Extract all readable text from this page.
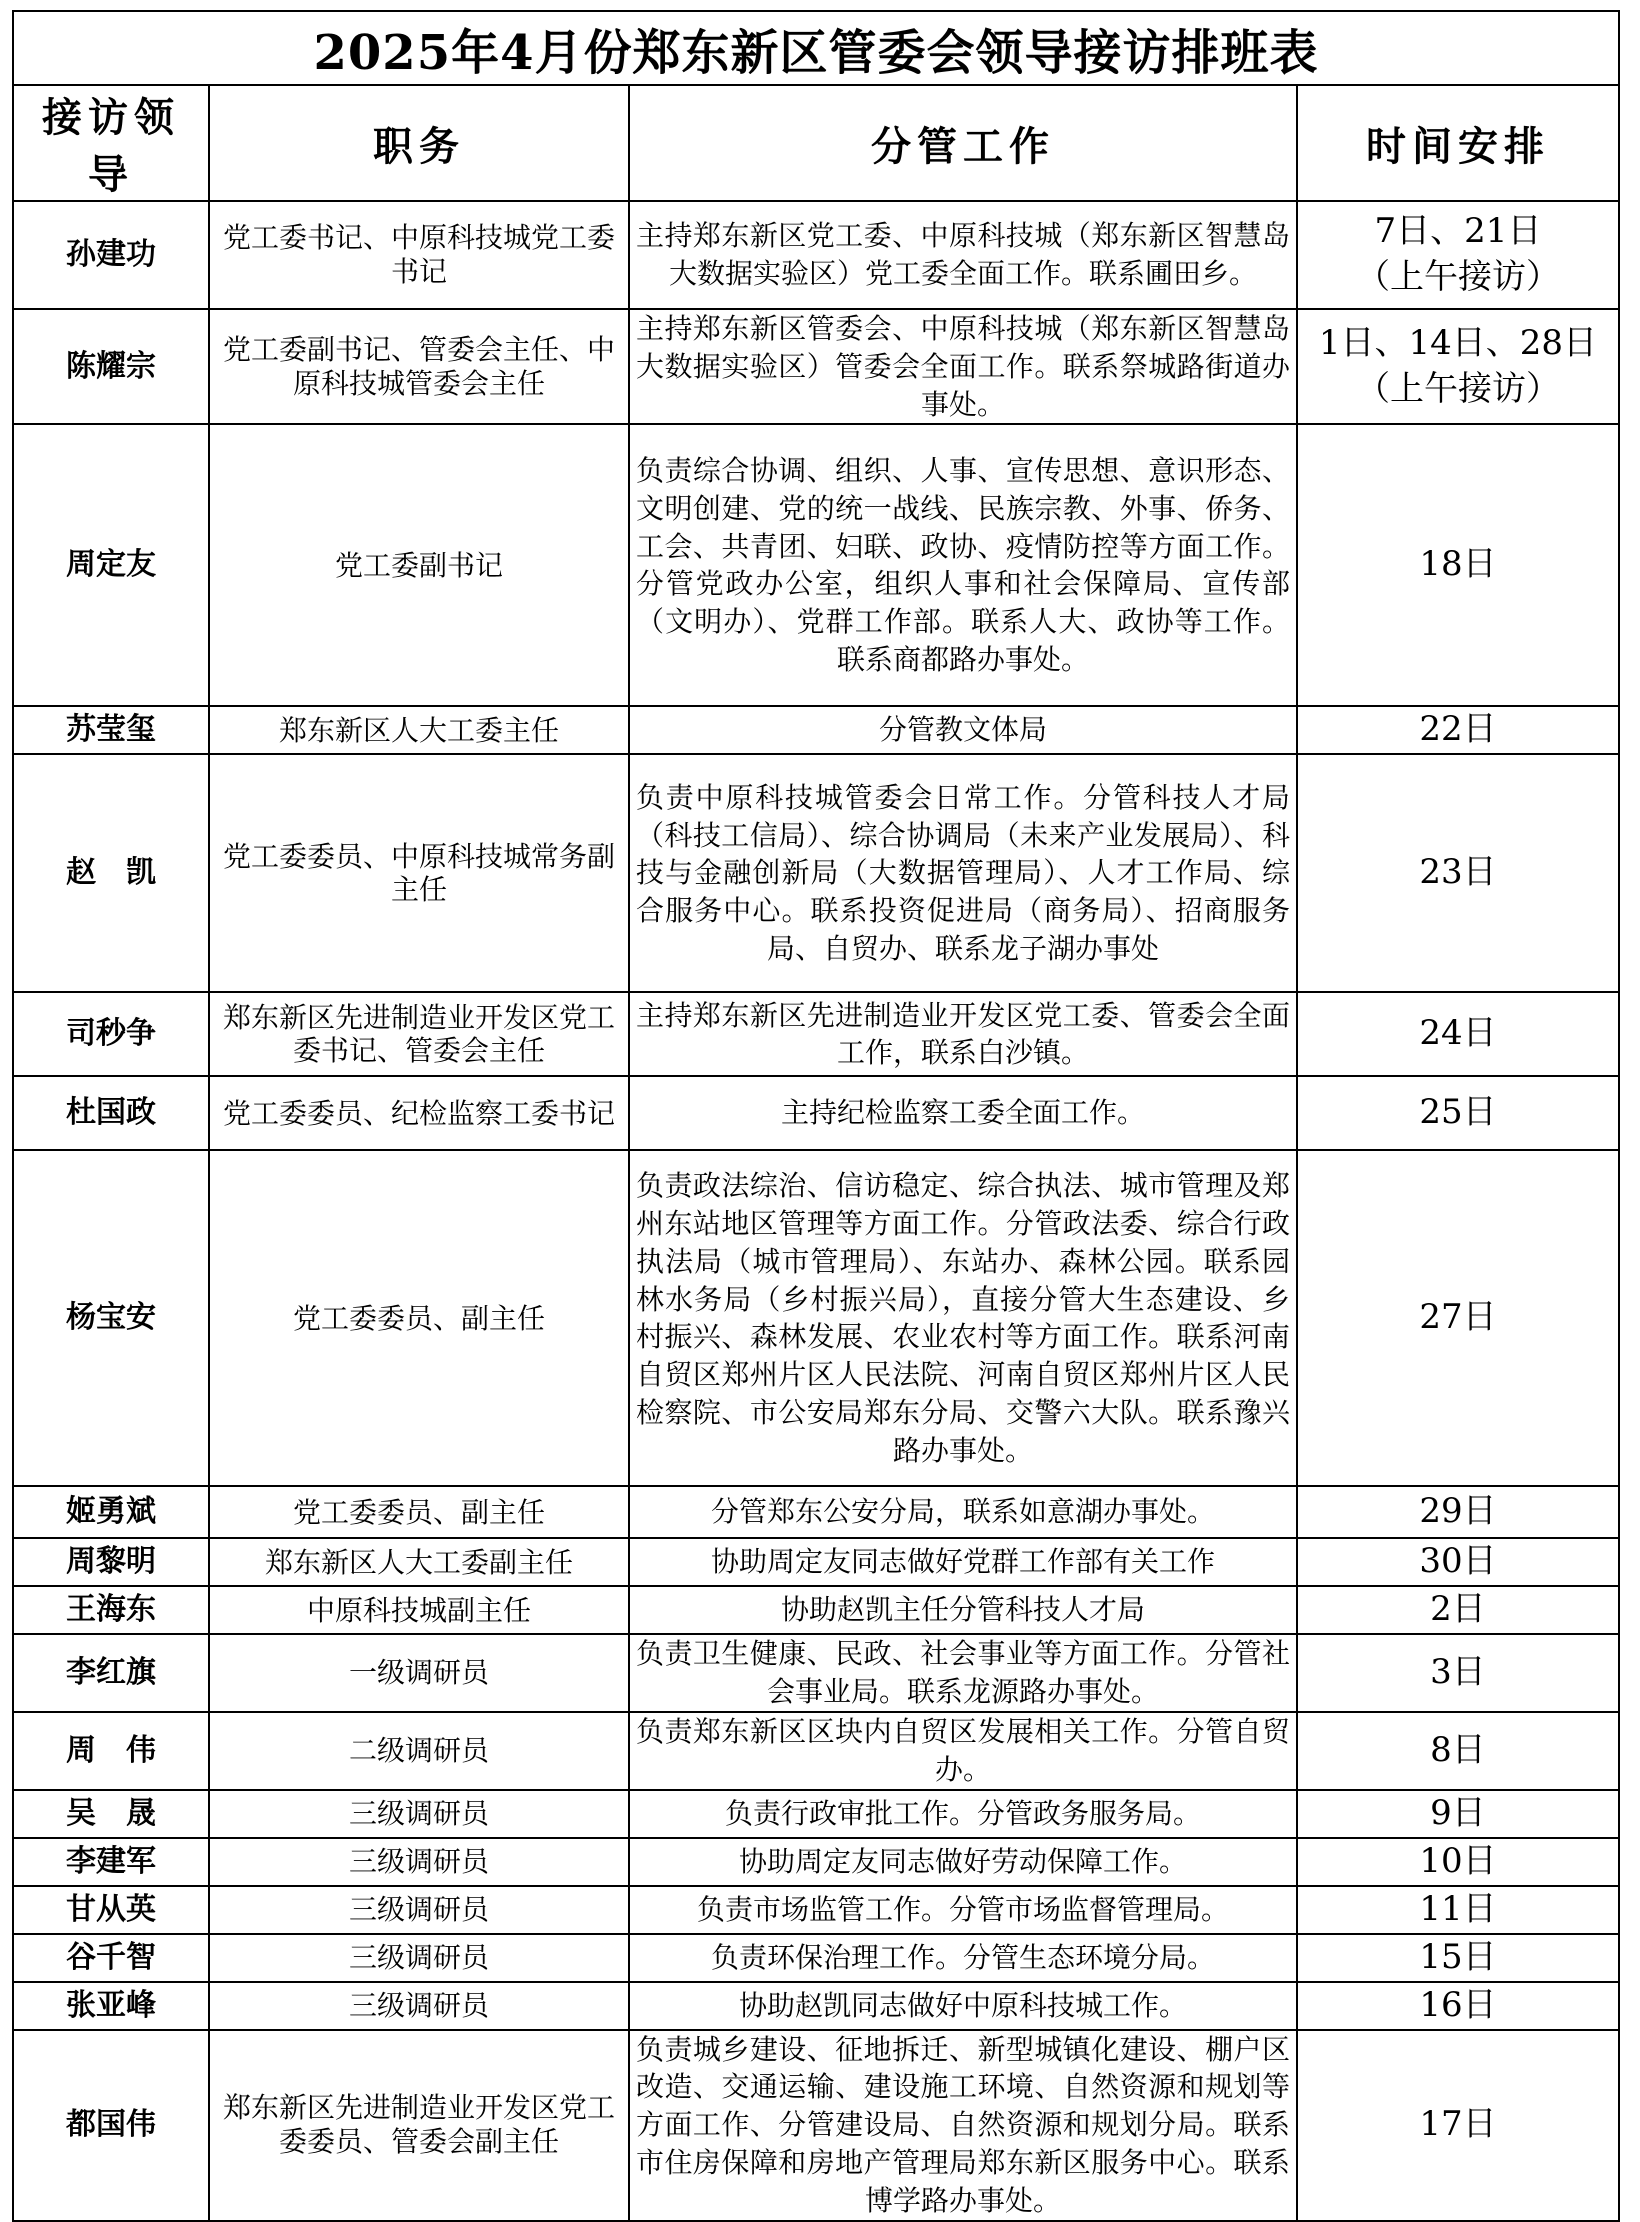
2025年4月份郑东新区管委会领导接访排班表			
接访领导	职务	分管工作	时间安排
孙建功	党工委书记、中原科技城党工委书记	主持郑东新区党工委、中原科技城（郑东新区智慧岛大数据实验区）党工委全面工作。联系圃田乡。	7日、21日
（上午接访）

陈耀宗	党工委副书记、管委会主任、中原科技城管委会主任	主持郑东新区管委会、中原科技城（郑东新区智慧岛大数据实验区）管委会全面工作。联系祭城路街道办事处。	1日、14日、28日
（上午接访）

周定友	党工委副书记	负责综合协调、组织、人事、宣传思想、意识形态、文明创建、党的统一战线、民族宗教、外事、侨务、工会、共青团、妇联、政协、疫情防控等方面工作。分管党政办公室，组织人事和社会保障局、宣传部（文明办）、党群工作部。联系人大、政协等工作。联系商都路办事处。	18日

苏莹玺	郑东新区人大工委主任	分管教文体局	22日

赵　凯	党工委委员、中原科技城常务副主任	负责中原科技城管委会日常工作。分管科技人才局（科技工信局）、综合协调局（未来产业发展局）、科技与金融创新局（大数据管理局）、人才工作局、综合服务中心。联系投资促进局（商务局）、招商服务局、自贸办、联系龙子湖办事处	23日

司秒争	郑东新区先进制造业开发区党工委书记、管委会主任	主持郑东新区先进制造业开发区党工委、管委会全面工作，联系白沙镇。	24日

杜国政	党工委委员、纪检监察工委书记	主持纪检监察工委全面工作。	25日

杨宝安	党工委委员、副主任	负责政法综治、信访稳定、综合执法、城市管理及郑州东站地区管理等方面工作。分管政法委、综合行政执法局（城市管理局）、东站办、森林公园。联系园林水务局（乡村振兴局），直接分管大生态建设、乡村振兴、森林发展、农业农村等方面工作。联系河南自贸区郑州片区人民法院、河南自贸区郑州片区人民检察院、市公安局郑东分局、交警六大队。联系豫兴路办事处。	27日

姬勇斌	党工委委员、副主任	分管郑东公安分局，联系如意湖办事处。	29日

周黎明	郑东新区人大工委副主任	协助周定友同志做好党群工作部有关工作	30日

王海东	中原科技城副主任	协助赵凯主任分管科技人才局	2日

李红旗	一级调研员	负责卫生健康、民政、社会事业等方面工作。分管社会事业局。联系龙源路办事处。	3日

周　伟	二级调研员	负责郑东新区区块内自贸区发展相关工作。分管自贸办。	8日

吴　晟	三级调研员	负责行政审批工作。分管政务服务局。	9日

李建军	三级调研员	协助周定友同志做好劳动保障工作。	10日

甘从英	三级调研员	负责市场监管工作。分管市场监督管理局。	11日

谷千智	三级调研员	负责环保治理工作。分管生态环境分局。	15日

张亚峰	三级调研员	协助赵凯同志做好中原科技城工作。	16日

都国伟	郑东新区先进制造业开发区党工委委员、管委会副主任	负责城乡建设、征地拆迁、新型城镇化建设、棚户区改造、交通运输、建设施工环境、自然资源和规划等方面工作、分管建设局、自然资源和规划分局。联系市住房保障和房地产管理局郑东新区服务中心。联系博学路办事处。	17日
